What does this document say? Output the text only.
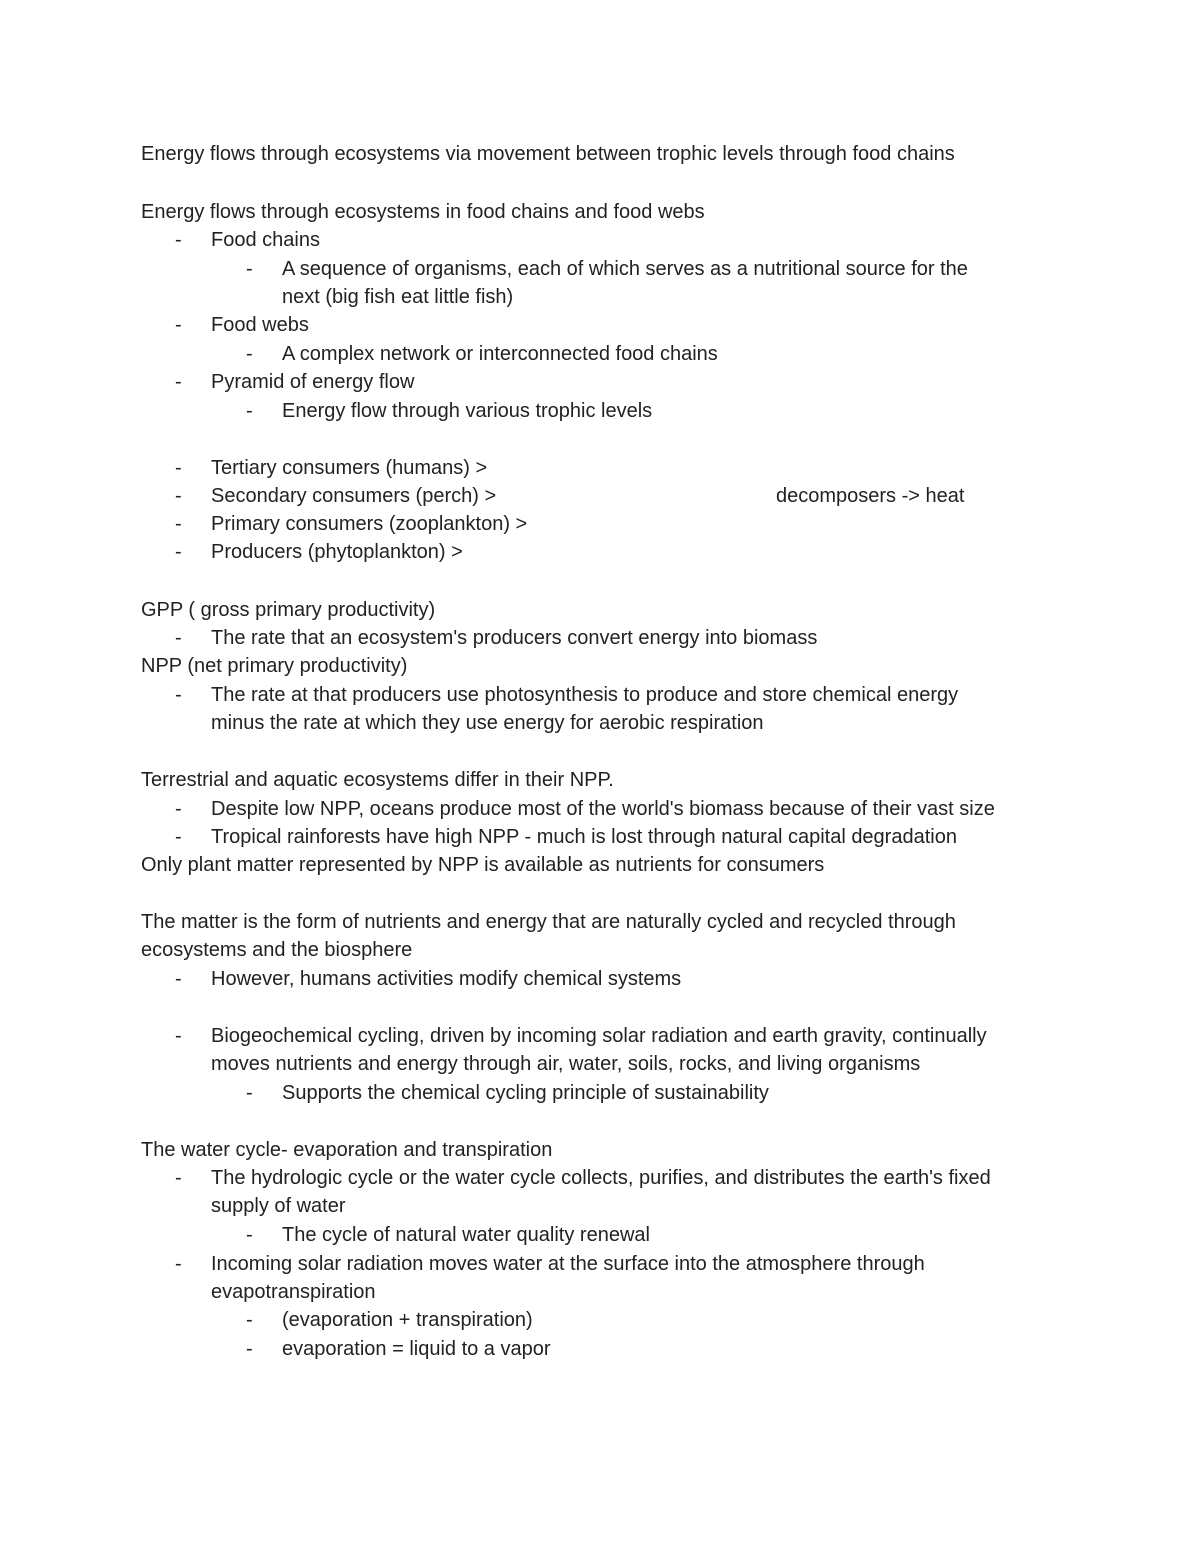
Energy flows through ecosystems via movement between trophic levels through food chains
Energy flows through ecosystems in food chains and food webs
- Food chains
- A sequence of organisms, each of which serves as a nutritional source for the
next (big fish eat little fish)
- Food webs
- A complex network or interconnected food chains
- Pyramid of energy flow
- Energy flow through various trophic levels
- Tertiary consumers (humans) >
- Secondary consumers (perch) >	decomposers -> heat
- Primary consumers (zooplankton) >
- Producers (phytoplankton) >
GPP ( gross primary productivity)
- The rate that an ecosystem's producers convert energy into biomass
NPP (net primary productivity)
- The rate at that producers use photosynthesis to produce and store chemical energy
minus the rate at which they use energy for aerobic respiration
Terrestrial and aquatic ecosystems differ in their NPP.
- Despite low NPP, oceans produce most of the world's biomass because of their vast size
- Tropical rainforests have high NPP - much is lost through natural capital degradation
Only plant matter represented by NPP is available as nutrients for consumers
The matter is the form of nutrients and energy that are naturally cycled and recycled through
ecosystems and the biosphere
- However, humans activities modify chemical systems
- Biogeochemical cycling, driven by incoming solar radiation and earth gravity, continually
moves nutrients and energy through air, water, soils, rocks, and living organisms
- Supports the chemical cycling principle of sustainability
The water cycle- evaporation and transpiration
- The hydrologic cycle or the water cycle collects, purifies, and distributes the earth's fixed
supply of water
- The cycle of natural water quality renewal
- Incoming solar radiation moves water at the surface into the atmosphere through
evapotranspiration
- (evaporation + transpiration)
- evaporation = liquid to a vapor
